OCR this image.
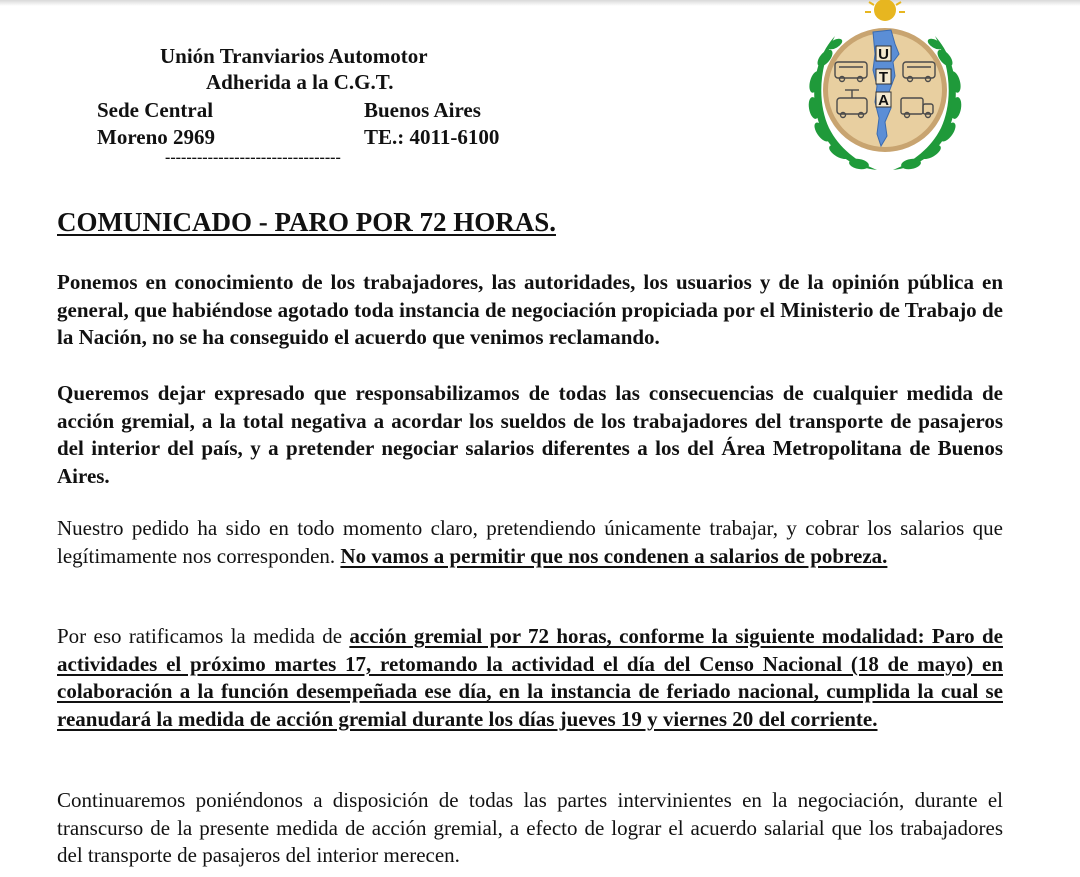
Unión Tranviarios Automotor
Adherida a la C.G.T.
Sede Central	Buenos Aires
Moreno 2969	TE.: 4011-6100
---------------------------------
U
T
A
COMUNICADO - PARO POR 72 HORAS.

Ponemos en conocimiento de los trabajadores, las autoridades, los usuarios y de la opinión pública en general, que habiéndose agotado toda instancia de negociación propiciada por el Ministerio de Trabajo de la Nación, no se ha conseguido el acuerdo que venimos reclamando.

Queremos dejar expresado que responsabilizamos de todas las consecuencias de cualquier medida de acción gremial, a la total negativa a acordar los sueldos de los trabajadores del transporte de pasajeros del interior del país, y a pretender negociar salarios diferentes a los del Área Metropolitana de Buenos Aires.

Nuestro pedido ha sido en todo momento claro, pretendiendo únicamente trabajar, y cobrar los salarios que legítimamente nos corresponden. No vamos a permitir que nos condenen a salarios de pobreza.

Por eso ratificamos la medida de acción gremial por 72 horas, conforme la siguiente modalidad: Paro de actividades el próximo martes 17, retomando la actividad el día del Censo Nacional (18 de mayo) en colaboración a la función desempeñada ese día, en la instancia de feriado nacional, cumplida la cual se reanudará la medida de acción gremial durante los días jueves 19 y viernes 20 del corriente.

Continuaremos poniéndonos a disposición de todas las partes intervinientes en la negociación, durante el transcurso de la presente medida de acción gremial, a efecto de lograr el acuerdo salarial que los trabajadores del transporte de pasajeros del interior merecen.
